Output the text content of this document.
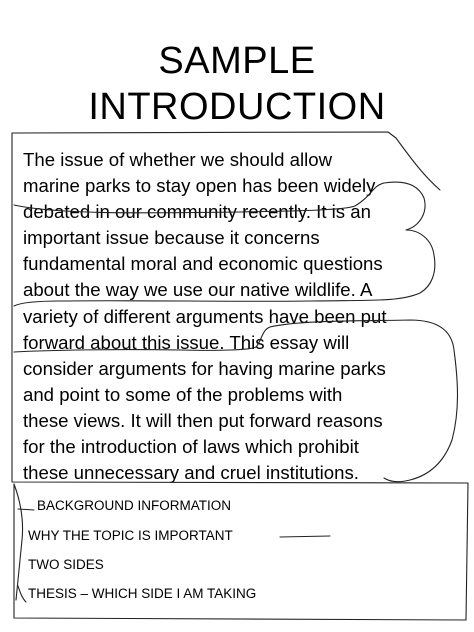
SAMPLE
INTRODUCTION
The issue of whether we should allow
marine parks to stay open has been widely
debated in our community recently. It is an
important issue because it concerns
fundamental moral and economic questions
about the way we use our native wildlife. A
variety of different arguments have been put
forward about this issue. This essay will
consider arguments for having marine parks
and point to some of the problems with
these views. It will then put forward reasons
for the introduction of laws which prohibit
these unnecessary and cruel institutions.
BACKGROUND INFORMATION
WHY THE TOPIC IS IMPORTANT
TWO SIDES
THESIS – WHICH SIDE I AM TAKING
